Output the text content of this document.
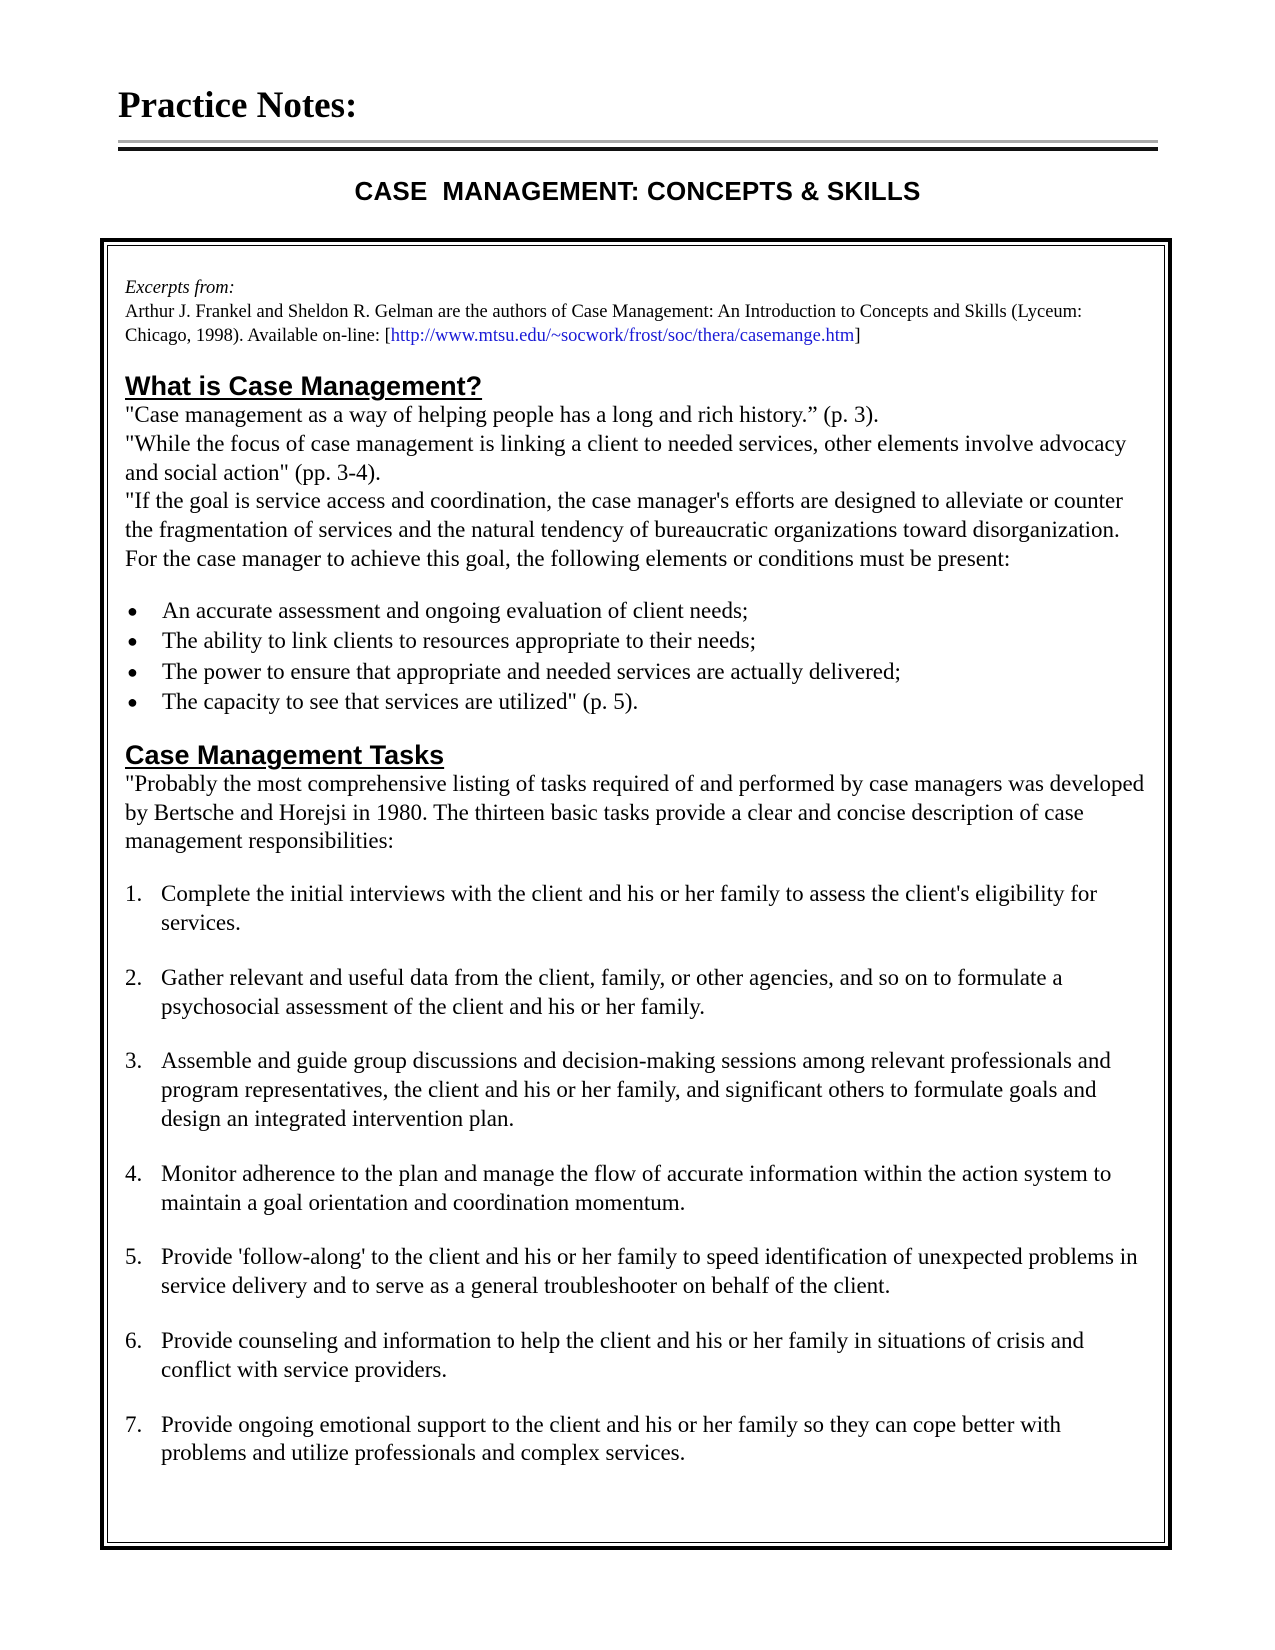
Practice Notes:
CASE  MANAGEMENT: CONCEPTS & SKILLS
Excerpts from:
Arthur J. Frankel and Sheldon R. Gelman are the authors of Case Management: An Introduction to Concepts and Skills (Lyceum: Chicago, 1998). Available on-line: [http://www.mtsu.edu/~socwork/frost/soc/thera/casemange.htm]
What is Case Management?

"Case management as a way of helping people has a long and rich history.” (p. 3).

"While the focus of case management is linking a client to needed services, other elements involve advocacy and social action" (pp. 3-4).

"If the goal is service access and coordination, the case manager's efforts are designed to alleviate or counter the fragmentation of services and the natural tendency of bureaucratic organizations toward disorganization. For the case manager to achieve this goal, the following elements or conditions must be present:

● An accurate assessment and ongoing evaluation of client needs;
● The ability to link clients to resources appropriate to their needs;
● The power to ensure that appropriate and needed services are actually delivered;
● The capacity to see that services are utilized" (p. 5).
Case Management Tasks

"Probably the most comprehensive listing of tasks required of and performed by case managers was developed by Bertsche and Horejsi in 1980. The thirteen basic tasks provide a clear and concise description of case management responsibilities:

1. Complete the initial interviews with the client and his or her family to assess the client's eligibility for services.
2. Gather relevant and useful data from the client, family, or other agencies, and so on to formulate a psychosocial assessment of the client and his or her family.
3. Assemble and guide group discussions and decision-making sessions among relevant professionals and program representatives, the client and his or her family, and significant others to formulate goals and design an integrated intervention plan.
4. Monitor adherence to the plan and manage the flow of accurate information within the action system to maintain a goal orientation and coordination momentum.
5. Provide 'follow-along' to the client and his or her family to speed identification of unexpected problems in service delivery and to serve as a general troubleshooter on behalf of the client.
6. Provide counseling and information to help the client and his or her family in situations of crisis and conflict with service providers.
7. Provide ongoing emotional support to the client and his or her family so they can cope better with problems and utilize professionals and complex services.
